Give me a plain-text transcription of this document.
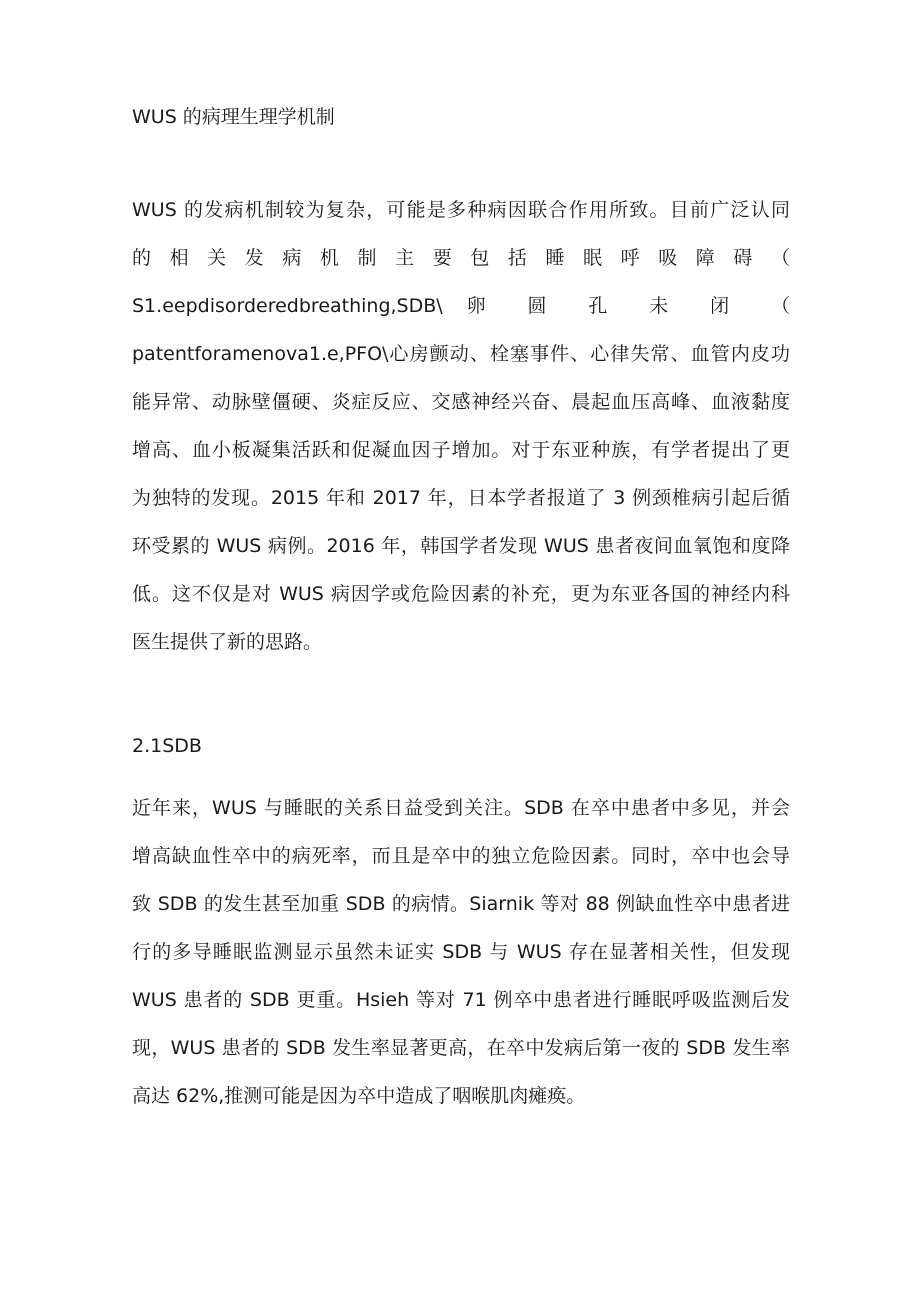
WUS 的病理生理学机制
WUS 的发病机制较为复杂，可能是多种病因联合作用所致。目前广泛认同
的 相 关 发 病 机 制 主 要 包 括 睡 眠 呼 吸 障 碍 （
S1.eepdisorderedbreathing,SDB\ 卵 圆 孔 未 闭 （
patentforamenova1.e,PFO\心房颤动、栓塞事件、心律失常、血管内皮功
能异常、动脉壁僵硬、炎症反应、交感神经兴奋、晨起血压高峰、血液黏度
增高、血小板凝集活跃和促凝血因子增加。对于东亚种族，有学者提出了更
为独特的发现。2015 年和 2017 年，日本学者报道了 3 例颈椎病引起后循
环受累的 WUS 病例。2016 年，韩国学者发现 WUS 患者夜间血氧饱和度降
低。这不仅是对 WUS 病因学或危险因素的补充，更为东亚各国的神经内科
医生提供了新的思路。
2.1SDB
近年来，WUS 与睡眠的关系日益受到关注。SDB 在卒中患者中多见，并会
增高缺血性卒中的病死率，而且是卒中的独立危险因素。同时，卒中也会导
致 SDB 的发生甚至加重 SDB 的病情。Siarnik 等对 88 例缺血性卒中患者进
行的多导睡眠监测显示虽然未证实 SDB 与 WUS 存在显著相关性，但发现
WUS 患者的 SDB 更重。Hsieh 等对 71 例卒中患者进行睡眠呼吸监测后发
现，WUS 患者的 SDB 发生率显著更高，在卒中发病后第一夜的 SDB 发生率
高达 62%,推测可能是因为卒中造成了咽喉肌肉瘫痪。
